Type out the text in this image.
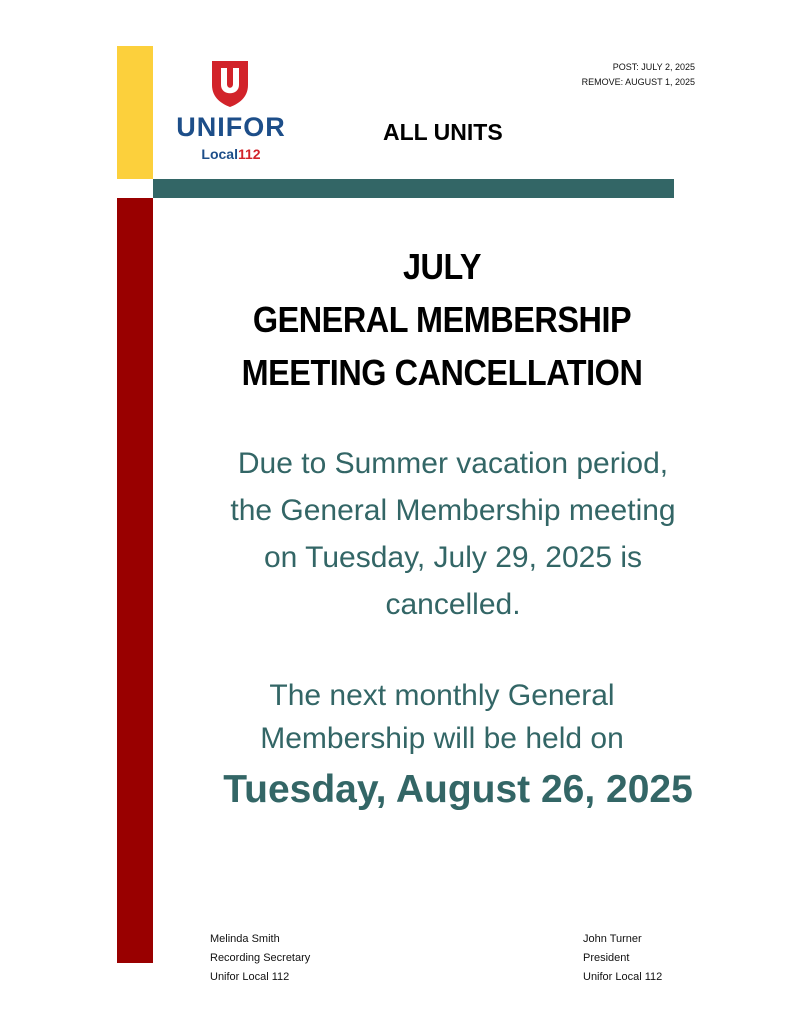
UNIFOR
Local112
POST: JULY 2, 2025
REMOVE: AUGUST 1, 2025
ALL UNITS
JULY
GENERAL MEMBERSHIP
MEETING CANCELLATION
Due to Summer vacation period,
the General Membership meeting
on Tuesday, July 29, 2025 is
cancelled.
The next monthly General
Membership will be held on
Tuesday, August 26, 2025
Melinda Smith
Recording Secretary
Unifor Local 112
John Turner
President
Unifor Local 112
